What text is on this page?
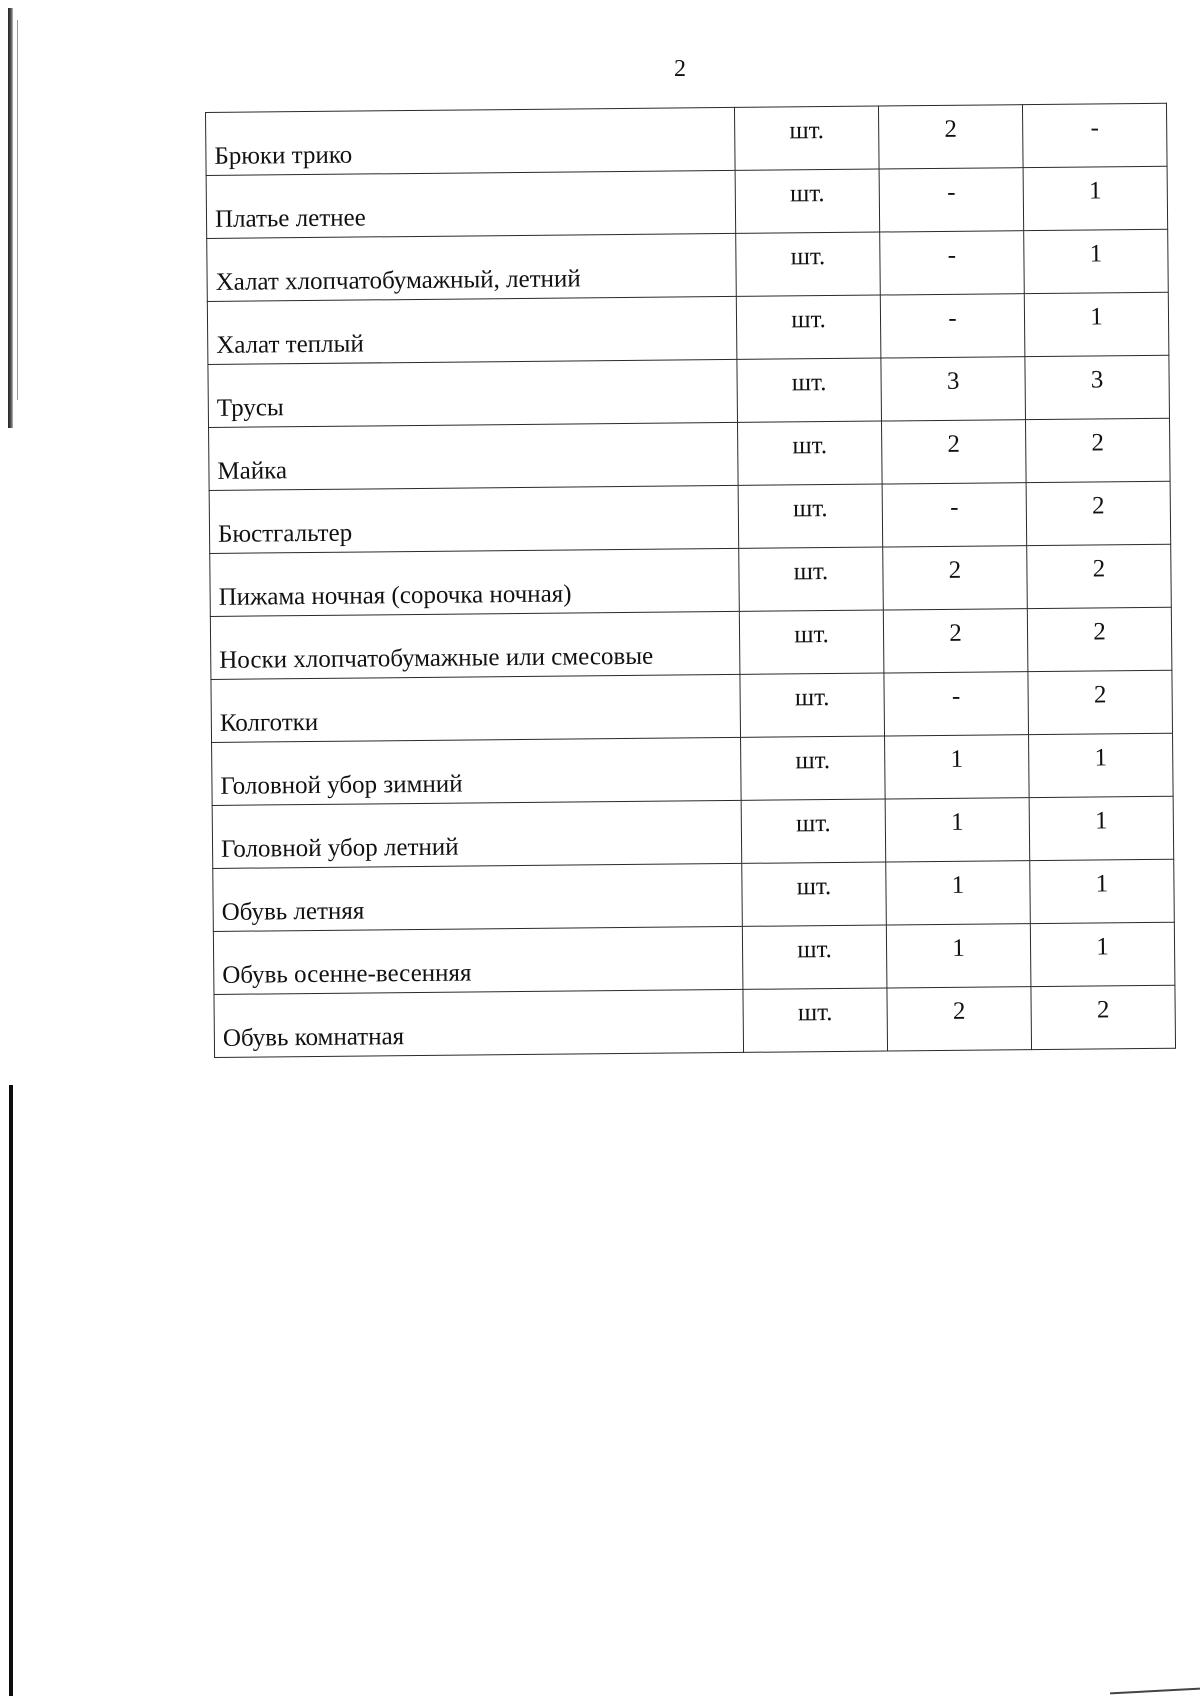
2
Брюки трико	шт.	2	-
Платье летнее	шт.	-	1
Халат хлопчатобумажный, летний	шт.	-	1
Халат теплый	шт.	-	1
Трусы	шт.	3	3
Майка	шт.	2	2
Бюстгальтер	шт.	-	2
Пижама ночная (сорочка ночная)	шт.	2	2
Носки хлопчатобумажные или смесовые	шт.	2	2
Колготки	шт.	-	2
Головной убор зимний	шт.	1	1
Головной убор летний	шт.	1	1
Обувь летняя	шт.	1	1
Обувь осенне-весенняя	шт.	1	1
Обувь комнатная	шт.	2	2
